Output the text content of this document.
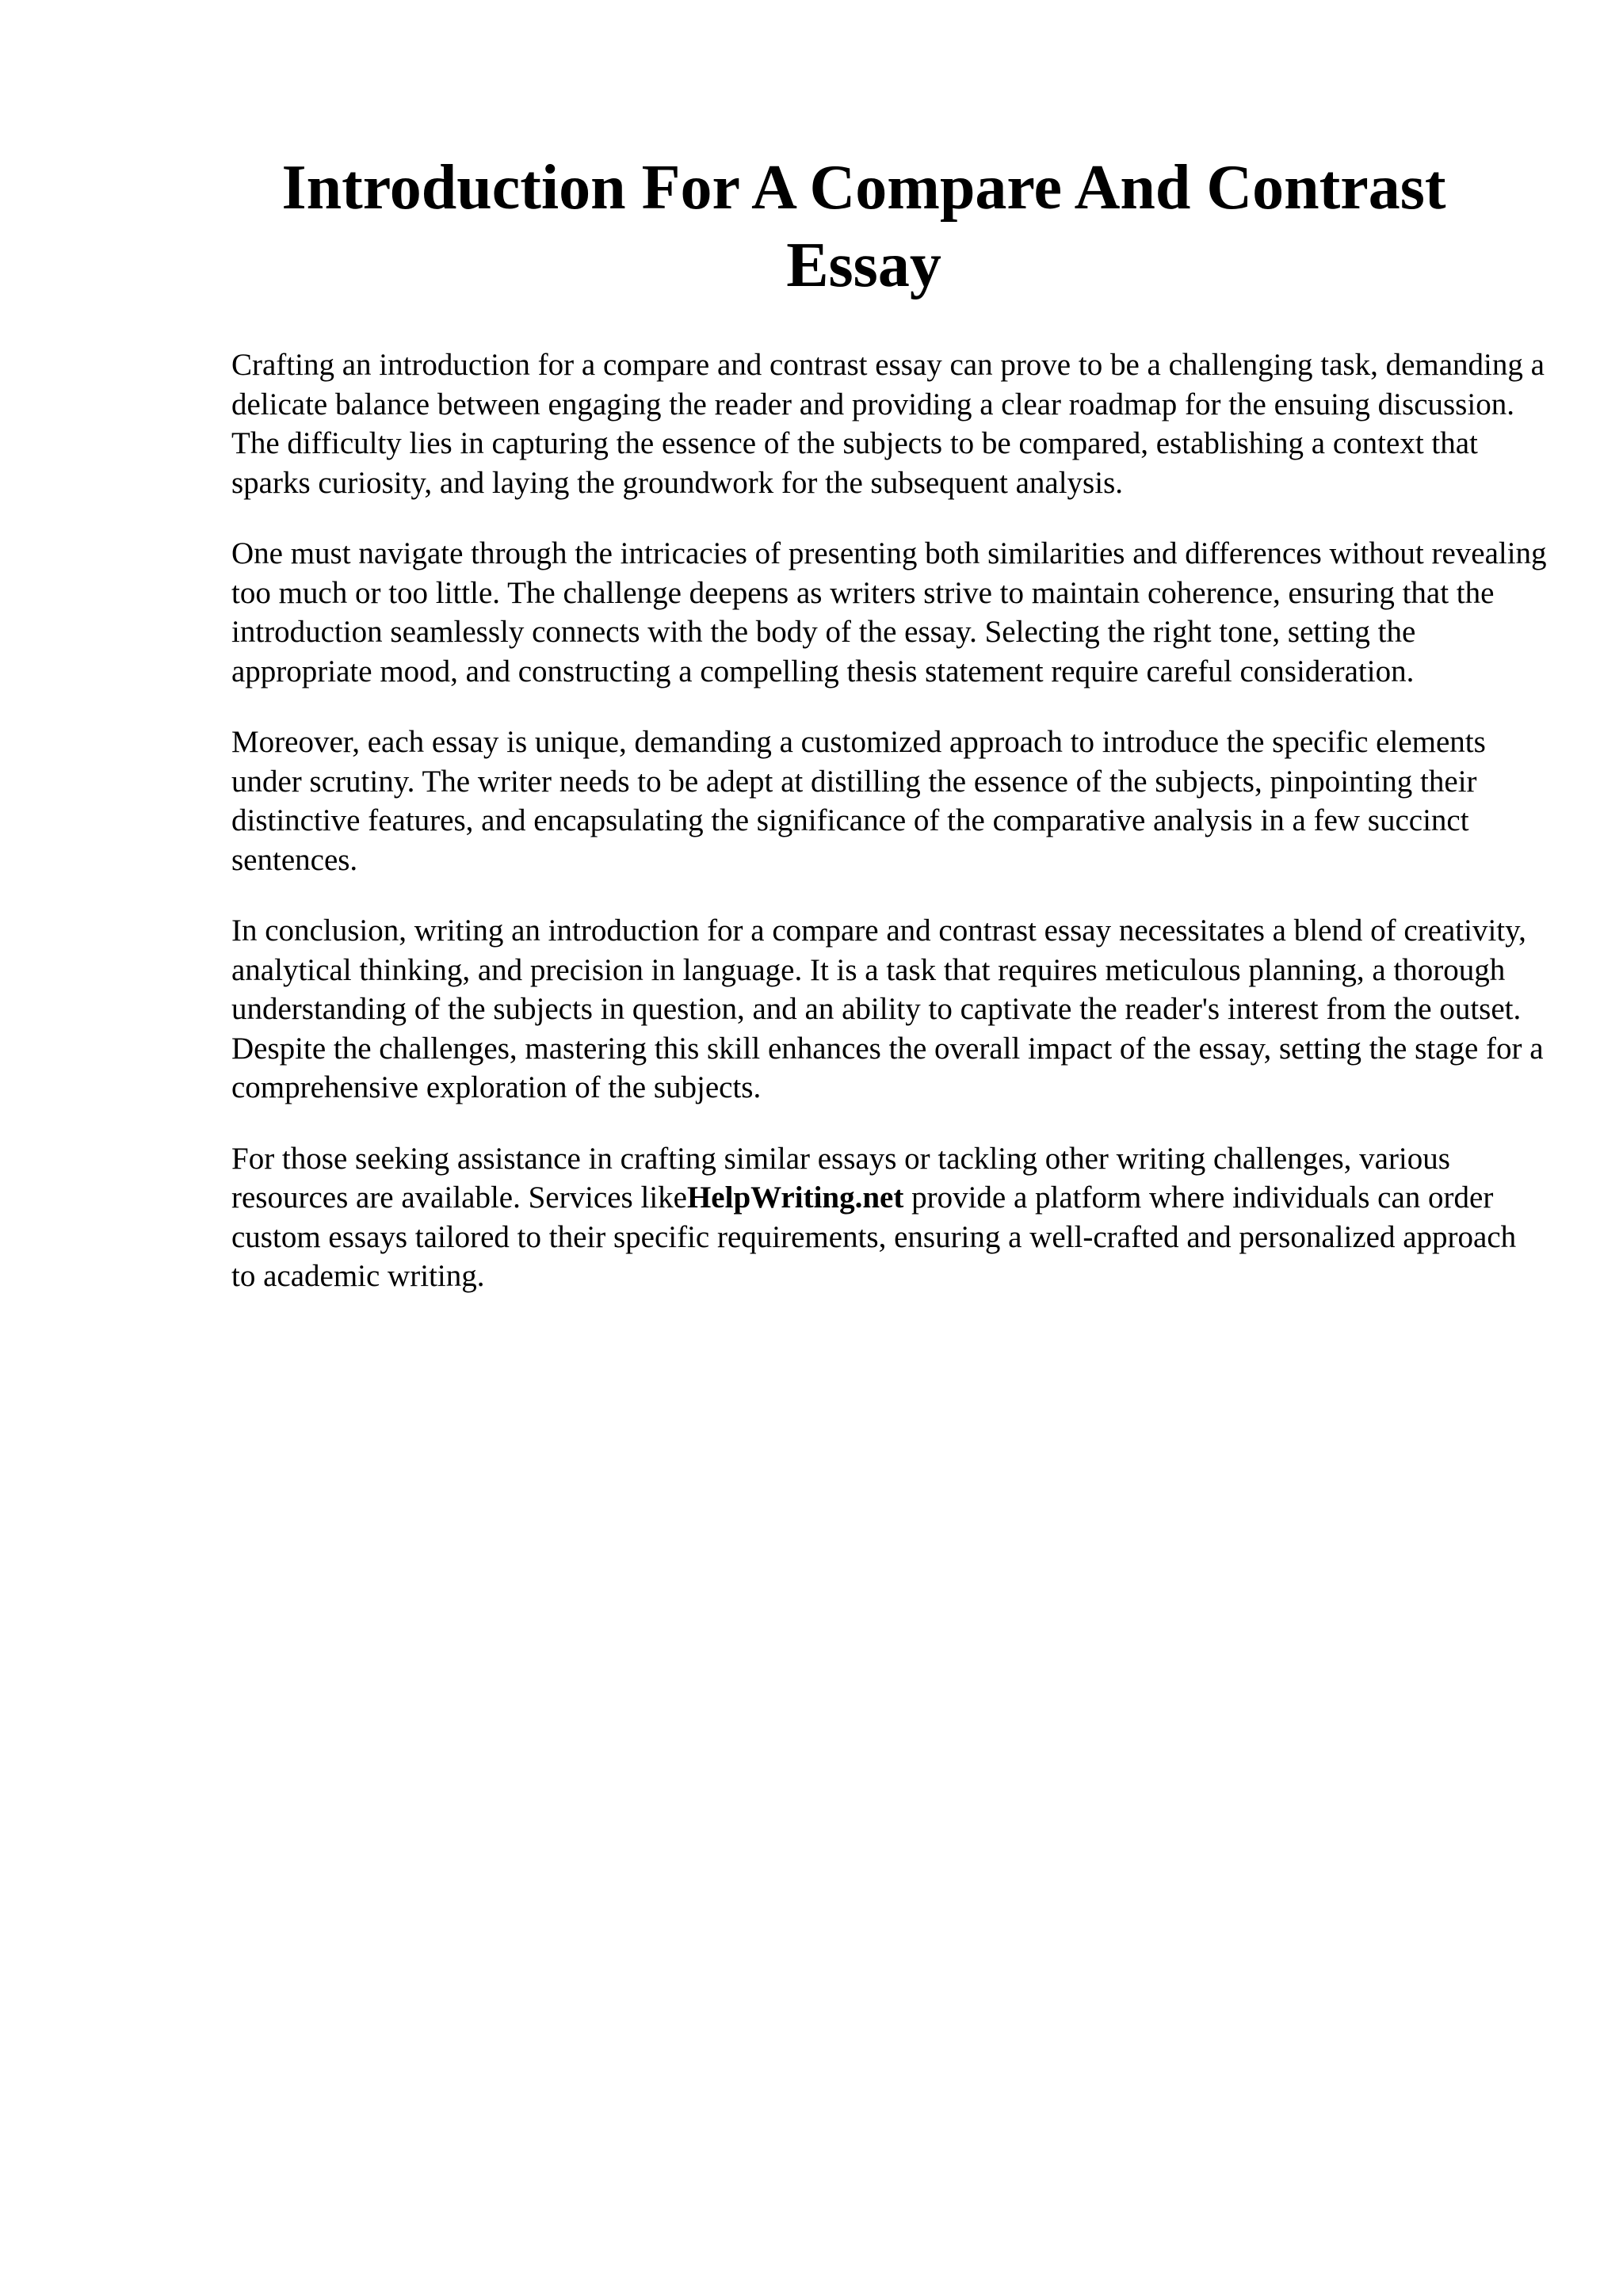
Introduction For A Compare And Contrast Essay

Crafting an introduction for a compare and contrast essay can prove to be a challenging task, demanding a delicate balance between engaging the reader and providing a clear roadmap for the ensuing discussion. The difficulty lies in capturing the essence of the subjects to be compared, establishing a context that sparks curiosity, and laying the groundwork for the subsequent analysis.

One must navigate through the intricacies of presenting both similarities and differences without revealing too much or too little. The challenge deepens as writers strive to maintain coherence, ensuring that the introduction seamlessly connects with the body of the essay. Selecting the right tone, setting the appropriate mood, and constructing a compelling thesis statement require careful consideration.

Moreover, each essay is unique, demanding a customized approach to introduce the specific elements under scrutiny. The writer needs to be adept at distilling the essence of the subjects, pinpointing their distinctive features, and encapsulating the significance of the comparative analysis in a few succinct sentences.

In conclusion, writing an introduction for a compare and contrast essay necessitates a blend of creativity, analytical thinking, and precision in language. It is a task that requires meticulous planning, a thorough understanding of the subjects in question, and an ability to captivate the reader's interest from the outset. Despite the challenges, mastering this skill enhances the overall impact of the essay, setting the stage for a comprehensive exploration of the subjects.

For those seeking assistance in crafting similar essays or tackling other writing challenges, various resources are available. Services likeHelpWriting.net provide a platform where individuals can order custom essays tailored to their specific requirements, ensuring a well-crafted and personalized approach to academic writing.
